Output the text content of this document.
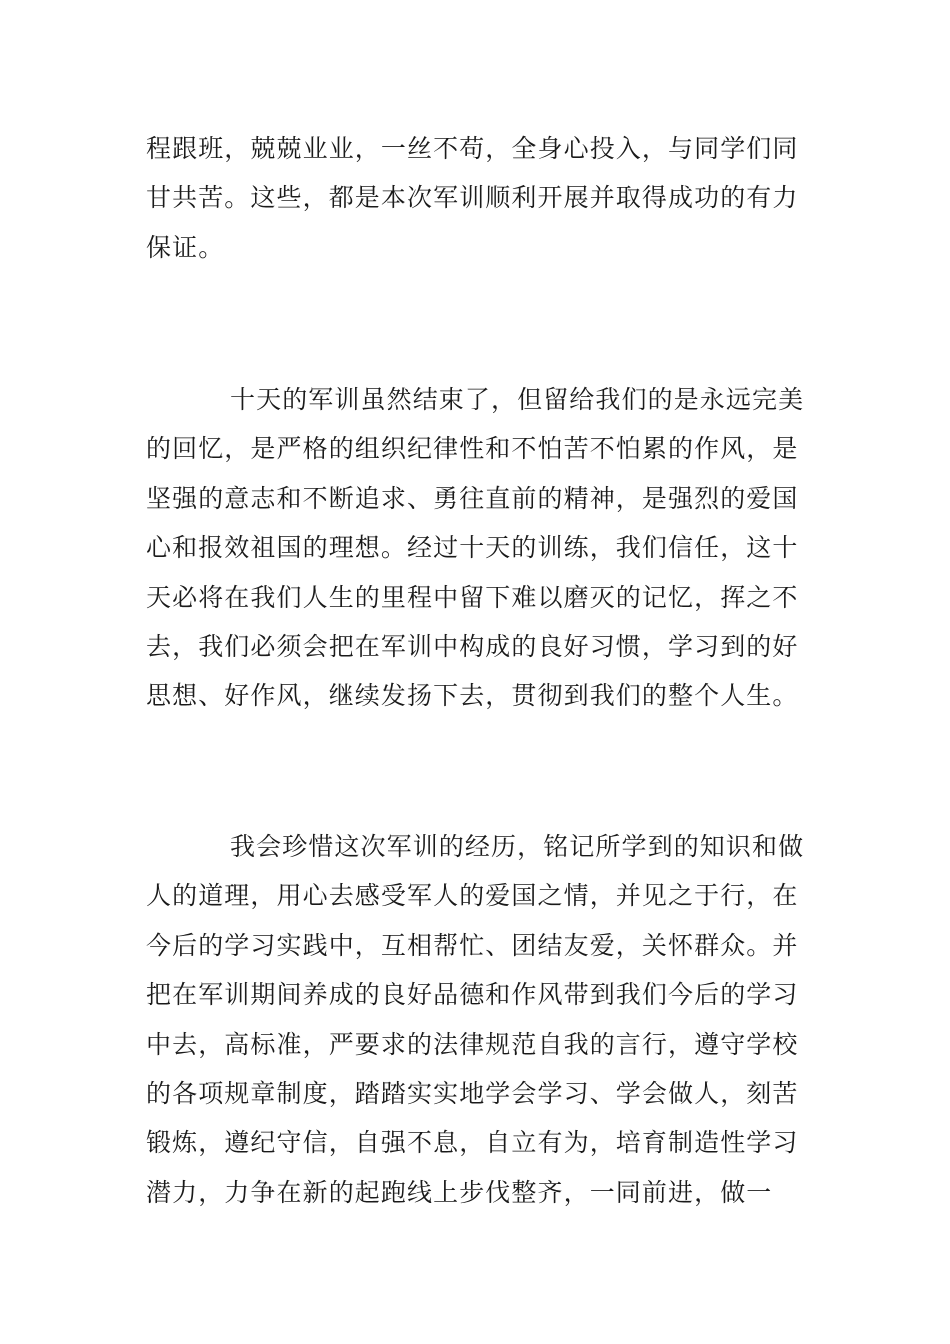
程跟班，兢兢业业，一丝不苟，全身心投入，与同学们同
甘共苦。这些，都是本次军训顺利开展并取得成功的有力
保证。
十天的军训虽然结束了，但留给我们的是永远完美
的回忆，是严格的组织纪律性和不怕苦不怕累的作风，是
坚强的意志和不断追求、勇往直前的精神，是强烈的爱国
心和报效祖国的理想。经过十天的训练，我们信任，这十
天必将在我们人生的里程中留下难以磨灭的记忆，挥之不
去，我们必须会把在军训中构成的良好习惯，学习到的好
思想、好作风，继续发扬下去，贯彻到我们的整个人生。
我会珍惜这次军训的经历，铭记所学到的知识和做
人的道理，用心去感受军人的爱国之情，并见之于行，在
今后的学习实践中，互相帮忙、团结友爱，关怀群众。并
把在军训期间养成的良好品德和作风带到我们今后的学习
中去，高标准，严要求的法律规范自我的言行，遵守学校
的各项规章制度，踏踏实实地学会学习、学会做人，刻苦
锻炼，遵纪守信，自强不息，自立有为，培育制造性学习
潜力，力争在新的起跑线上步伐整齐，一同前进，做一
